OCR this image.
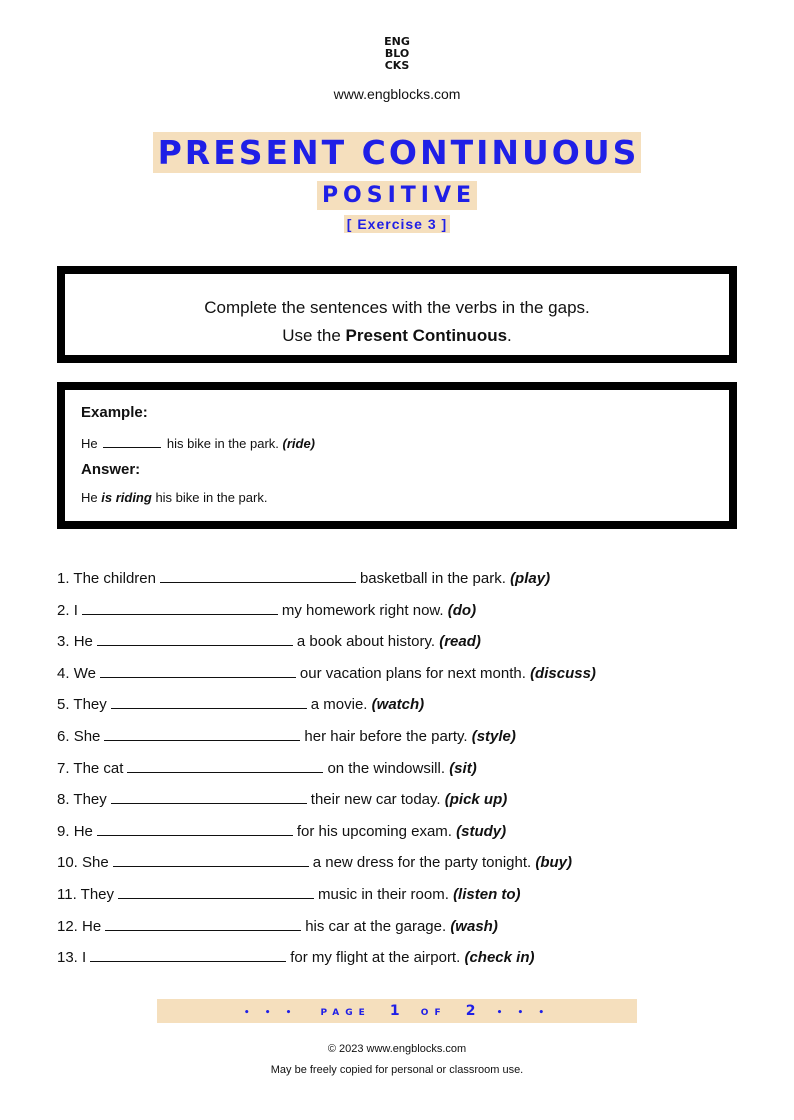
ENG
BLO
CKS
www.engblocks.com
PRESENT CONTINUOUS
POSITIVE
[ Exercise 3 ]
Complete the sentences with the verbs in the gaps.
Use the Present Continuous.
Example:
He	his bike in the park. (ride)
Answer:
He is riding his bike in the park.
1. The children	basketball in the park. (play)
2. I	my homework right now. (do)
3. He	a book about history. (read)
4. We	our vacation plans for next month. (discuss)
5. They	a movie. (watch)
6. She	her hair before the party. (style)
7. The cat	on the windowsill. (sit)
8. They	their new car today. (pick up)
9. He	for his upcoming exam. (study)
10. She	a new dress for the party tonight. (buy)
11. They	music in their room. (listen to)
12. He	his car at the garage. (wash)
13. I	for my flight at the airport. (check in)
• • •	PAGE 1 OF 2 • • •
© 2023 www.engblocks.com
May be freely copied for personal or classroom use.
